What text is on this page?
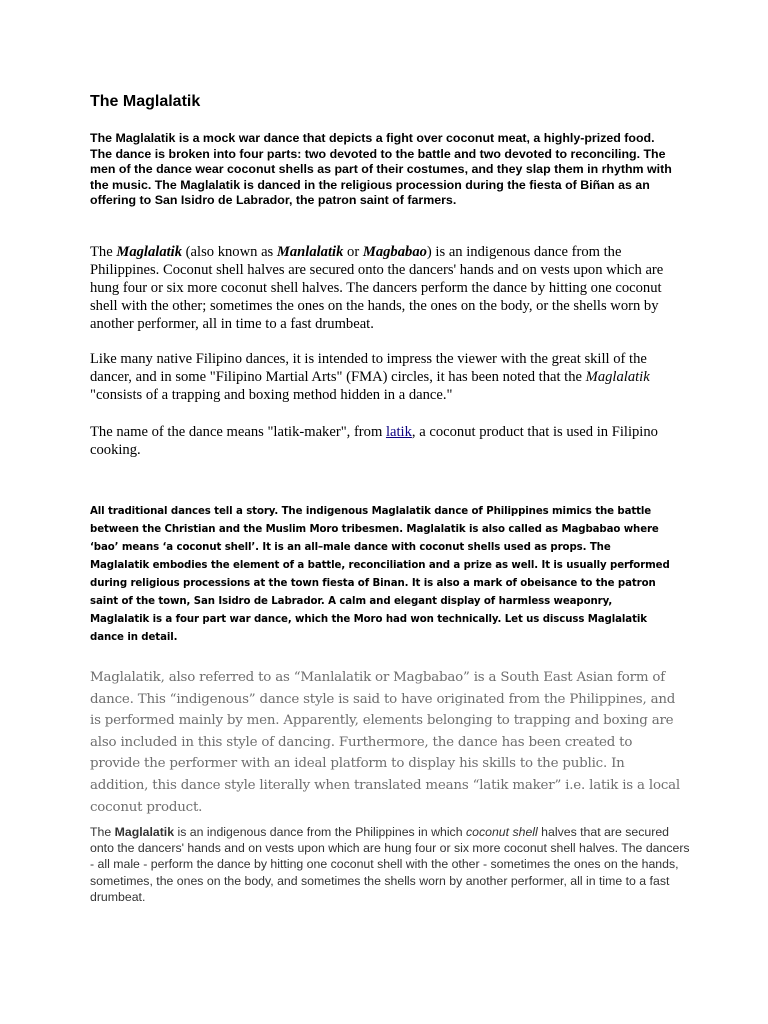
The Maglalatik

The Maglalatik is a mock war dance that depicts a fight over coconut meat, a highly-prized food. The dance is broken into four parts: two devoted to the battle and two devoted to reconciling. The men of the dance wear coconut shells as part of their costumes, and they slap them in rhythm with the music. The Maglalatik is danced in the religious procession during the fiesta of Biñan as an offering to San Isidro de Labrador, the patron saint of farmers.

The Maglalatik (also known as Manlalatik or Magbabao) is an indigenous dance from the Philippines. Coconut shell halves are secured onto the dancers' hands and on vests upon which are hung four or six more coconut shell halves. The dancers perform the dance by hitting one coconut shell with the other; sometimes the ones on the hands, the ones on the body, or the shells worn by another performer, all in time to a fast drumbeat.

Like many native Filipino dances, it is intended to impress the viewer with the great skill of the dancer, and in some "Filipino Martial Arts" (FMA) circles, it has been noted that the Maglalatik "consists of a trapping and boxing method hidden in a dance."

The name of the dance means "latik-maker", from latik, a coconut product that is used in Filipino cooking.

All traditional dances tell a story. The indigenous Maglalatik dance of Philippines mimics the battle between the Christian and the Muslim Moro tribesmen. Maglalatik is also called as Magbabao where ‘bao’ means ‘a coconut shell’. It is an all–male dance with coconut shells used as props. The Maglalatik embodies the element of a battle, reconciliation and a prize as well. It is usually performed during religious processions at the town fiesta of Binan. It is also a mark of obeisance to the patron saint of the town, San Isidro de Labrador. A calm and elegant display of harmless weaponry, Maglalatik is a four part war dance, which the Moro had won technically. Let us discuss Maglalatik dance in detail.

Maglalatik, also referred to as “Manlalatik or Magbabao” is a South East Asian form of dance. This “indigenous” dance style is said to have originated from the Philippines, and is performed mainly by men. Apparently, elements belonging to trapping and boxing are also included in this style of dancing. Furthermore, the dance has been created to provide the performer with an ideal platform to display his skills to the public. In addition, this dance style literally when translated means “latik maker” i.e. latik is a local coconut product.

The Maglalatik is an indigenous dance from the Philippines in which coconut shell halves that are secured onto the dancers' hands and on vests upon which are hung four or six more coconut shell halves. The dancers - all male - perform the dance by hitting one coconut shell with the other - sometimes the ones on the hands, sometimes, the ones on the body, and sometimes the shells worn by another performer, all in time to a fast drumbeat.
